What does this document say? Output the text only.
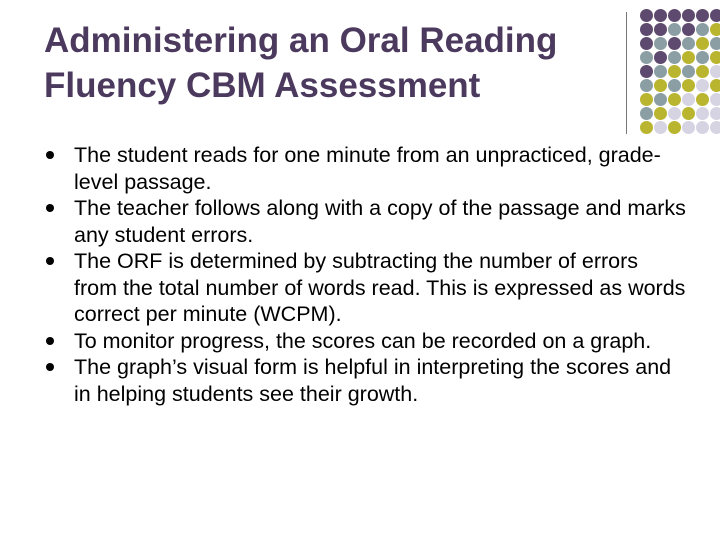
Administering an Oral Reading Fluency CBM Assessment
The student reads for one minute from an unpracticed, grade-level passage.
The teacher follows along with a copy of the passage and marks any student errors.
The ORF is determined by subtracting the number of errors from the total number of words read. This is expressed as words correct per minute (WCPM).
To monitor progress, the scores can be recorded on a graph.
The graph’s visual form is helpful in interpreting the scores and in helping students see their growth.
